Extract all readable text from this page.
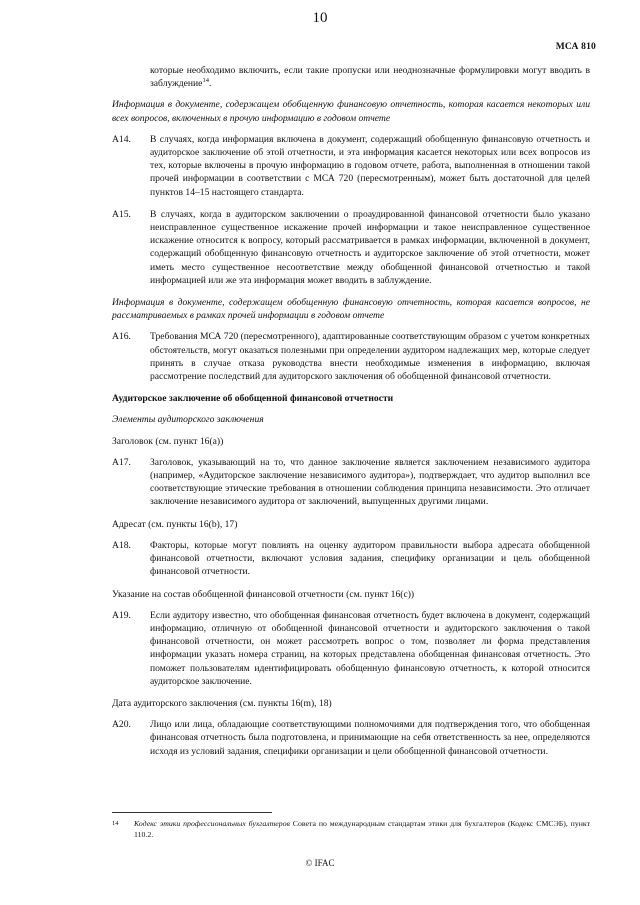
10
МСА 810

которые необходимо включить, если такие пропуски или неоднозначные формулировки могут вводить в заблуждение$^{14}$.

Информация в документе, содержащем обобщенную финансовую отчетность, которая касается некоторых или всех вопросов, включенных в прочую информацию в годовом отчете

A14.	В случаях, когда информация включена в документ, содержащий обобщенную финансовую отчетность и аудиторское заключение об этой отчетности, и эта информация касается некоторых или всех вопросов из тех, которые включены в прочую информацию в годовом отчете, работа, выполненная в отношении такой прочей информации в соответствии с МСА 720 (пересмотренным), может быть достаточной для целей пунктов 14–15 настоящего стандарта.
A15.	В случаях, когда в аудиторском заключении о проаудированной финансовой отчетности было указано неисправленное существенное искажение прочей информации и такое неисправленное существенное искажение относится к вопросу, который рассматривается в рамках информации, включенной в документ, содержащий обобщенную финансовую отчетность и аудиторское заключение об этой отчетности, может иметь место существенное несоответствие между обобщенной финансовой отчетностью и такой информацией или же эта информация может вводить в заблуждение.

Информация в документе, содержащем обобщенную финансовую отчетность, которая касается вопросов, не рассматриваемых в рамках прочей информации в годовом отчете

A16.	Требования МСА 720 (пересмотренного), адаптированные соответствующим образом с учетом конкретных обстоятельств, могут оказаться полезными при определении аудитором надлежащих мер, которые следует принять в случае отказа руководства внести необходимые изменения в информацию, включая рассмотрение последствий для аудиторского заключения об обобщенной финансовой отчетности.

Аудиторское заключение об обобщенной финансовой отчетности

Элементы аудиторского заключения

Заголовок (см. пункт 16(a))

A17.	Заголовок, указывающий на то, что данное заключение является заключением независимого аудитора (например, «Аудиторское заключение независимого аудитора»), подтверждает, что аудитор выполнил все соответствующие этические требования в отношении соблюдения принципа независимости. Это отличает заключение независимого аудитора от заключений, выпущенных другими лицами.

Адресат (см. пункты 16(b), 17)

A18.	Факторы, которые могут повлиять на оценку аудитором правильности выбора адресата обобщенной финансовой отчетности, включают условия задания, специфику организации и цель обобщенной финансовой отчетности.

Указание на состав обобщенной финансовой отчетности (см. пункт 16(c))

A19.	Если аудитору известно, что обобщенная финансовая отчетность будет включена в документ, содержащий информацию, отличную от обобщенной финансовой отчетности и аудиторского заключения о такой финансовой отчетности, он может рассмотреть вопрос о том, позволяет ли форма представления информации указать номера страниц, на которых представлена обобщенная финансовая отчетность. Это поможет пользователям идентифицировать обобщенную финансовую отчетность, к которой относится аудиторское заключение.

Дата аудиторского заключения (см. пункты 16(m), 18)

A20.	Лицо или лица, обладающие соответствующими полномочиями для подтверждения того, что обобщенная финансовая отчетность была подготовлена, и принимающие на себя ответственность за нее, определяются исходя из условий задания, специфики организации и цели обобщенной финансовой отчетности.
14	Кодекс этики профессиональных бухгалтеров Совета по международным стандартам этики для бухгалтеров (Кодекс СМСЭБ), пункт 110.2.
© IFAC
